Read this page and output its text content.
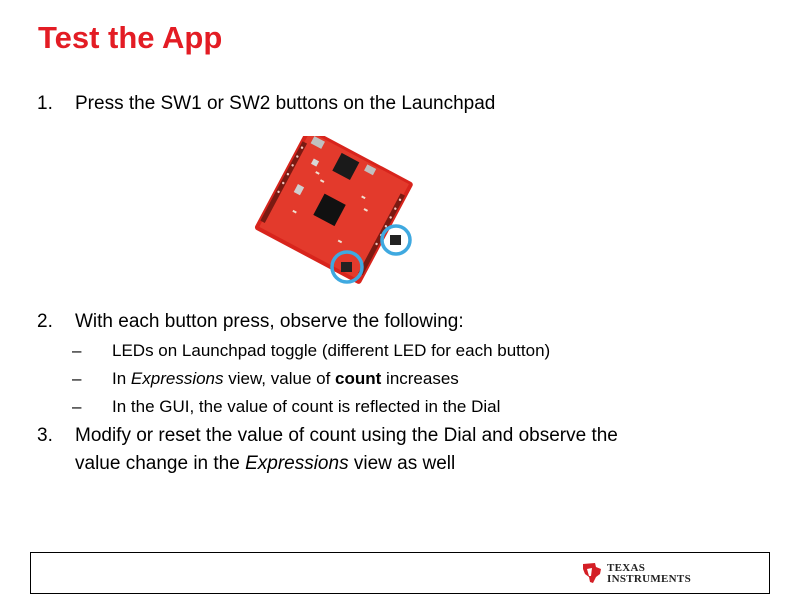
Test the App
1.	Press the SW1 or SW2 buttons on the Launchpad
2.	With each button press, observe the following:
– LEDs on Launchpad toggle (different LED for each button)
– In Expressions view, value of count increases
– In the GUI, the value of count is reflected in the Dial
3.	Modify or reset the value of count using the Dial and observe the
value change in the Expressions view as well
TEXAS
INSTRUMENTS
